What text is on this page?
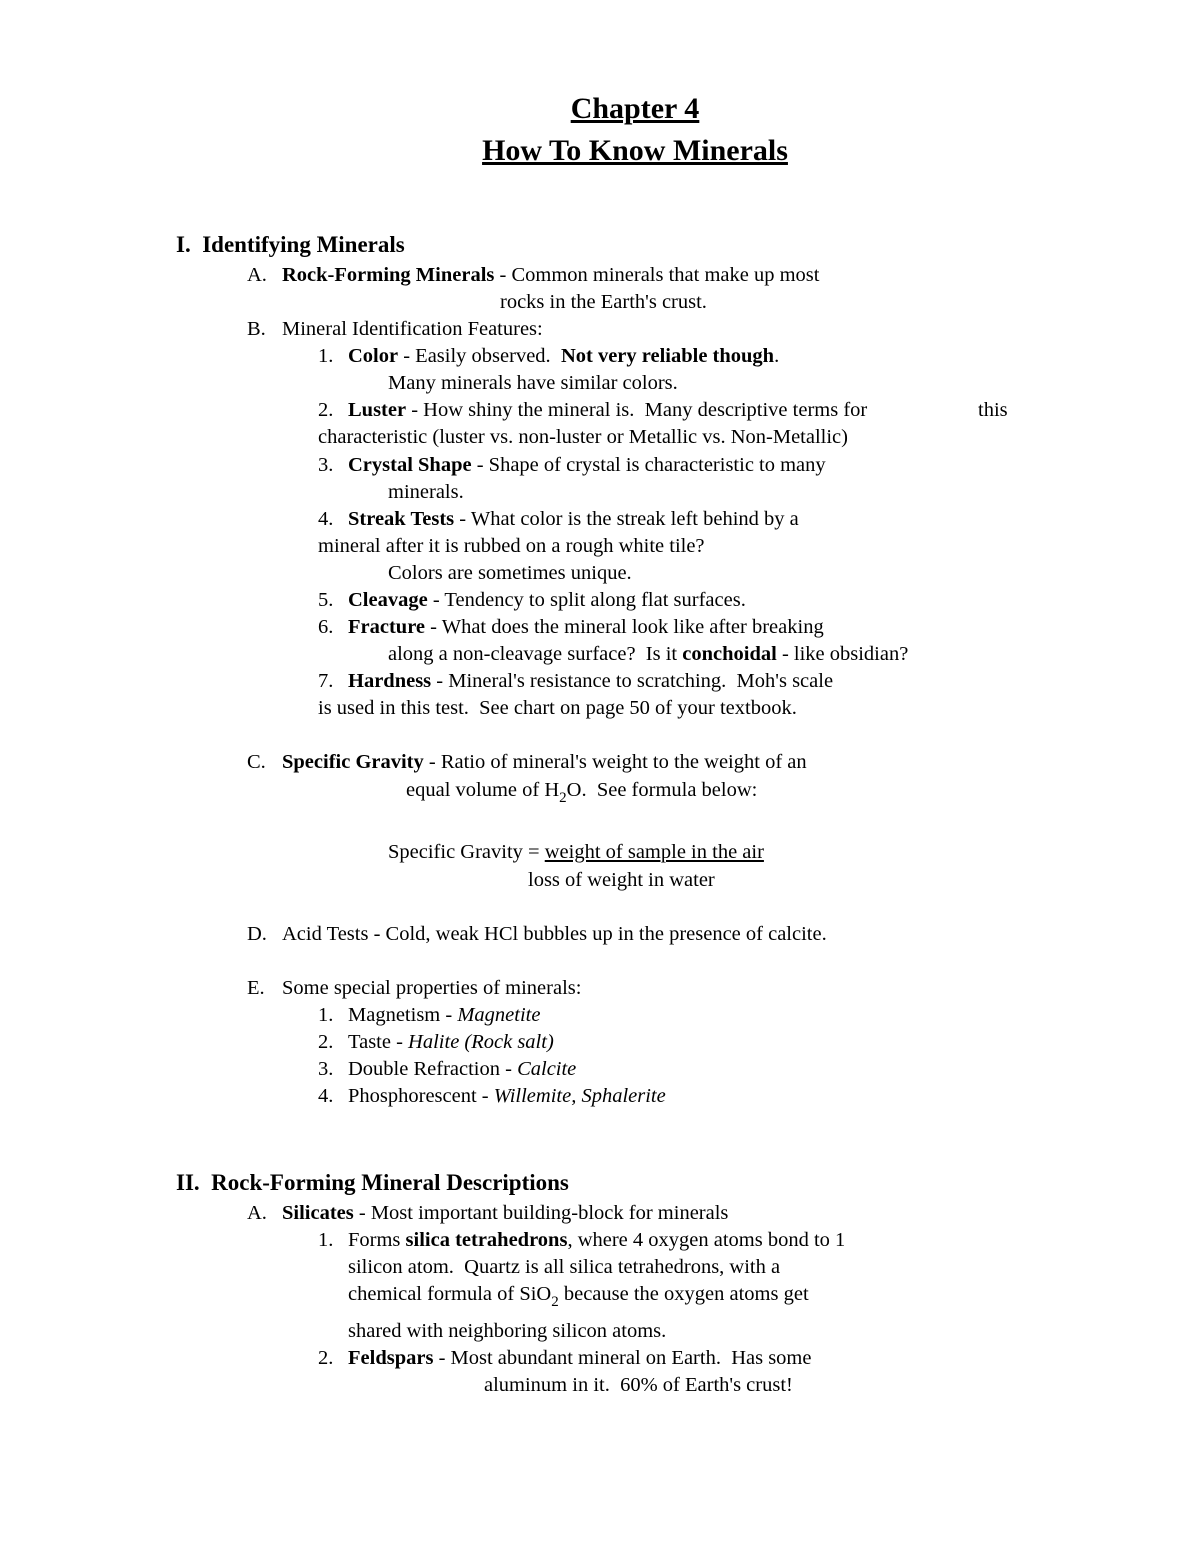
Chapter 4
How To Know Minerals
I.  Identifying Minerals
A. Rock-Forming Minerals - Common minerals that make up most
rocks in the Earth's crust.
B. Mineral Identification Features:
1. Color - Easily observed.  Not very reliable though.
Many minerals have similar colors.
2. Luster - How shiny the mineral is.  Many descriptive terms for	this
characteristic (luster vs. non-luster or Metallic vs. Non-Metallic)
3. Crystal Shape - Shape of crystal is characteristic to many
minerals.
4. Streak Tests - What color is the streak left behind by a
mineral after it is rubbed on a rough white tile?
Colors are sometimes unique.
5. Cleavage - Tendency to split along flat surfaces.
6. Fracture - What does the mineral look like after breaking
along a non-cleavage surface?  Is it conchoidal - like obsidian?
7. Hardness - Mineral's resistance to scratching.  Moh's scale
is used in this test.  See chart on page 50 of your textbook.
C. Specific Gravity - Ratio of mineral's weight to the weight of an
equal volume of $H_2O$.  See formula below:
Specific Gravity = weight of sample in the air
loss of weight in water
D. Acid Tests - Cold, weak HCl bubbles up in the presence of calcite.
E. Some special properties of minerals:
1. Magnetism - Magnetite
2. Taste - Halite (Rock salt)
3. Double Refraction - Calcite
4. Phosphorescent - Willemite, Sphalerite
II.  Rock-Forming Mineral Descriptions
A. Silicates - Most important building-block for minerals
1. Forms silica tetrahedrons, where 4 oxygen atoms bond to 1
silicon atom.  Quartz is all silica tetrahedrons, with a
chemical formula of SiO$_2$ because the oxygen atoms get
shared with neighboring silicon atoms.
2. Feldspars - Most abundant mineral on Earth.  Has some
aluminum in it.  60% of Earth's crust!
